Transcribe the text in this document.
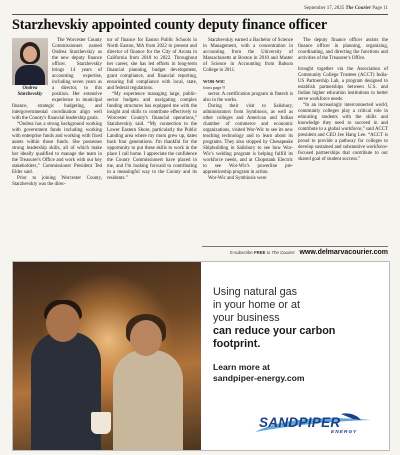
September 17, 2025 The Courier Page 11
Starzhevskiy appointed county deputy finance officer
Ondrea
Starzhevskiy

The Worcester County Commissioners named Ondrea Starzhevskiy as the new deputy finance officer. Starzhevskiy brings 14 years of accounting expertise, including seven years as a director, to this position. Her extensive experience in municipal finance, strategic budgeting, and intergovernmental coordination align well with the County's financial leadership goals.

“Ondrea has a strong background working with government funds including working with enterprise funds and working with fixed assets within those funds. She possesses strong leadership skills, all of which make her ideally qualified to manage the team in the Treasurer's Office and work with our key stakeholders,” Commissioner President Ted Elder said.

Prior to joining Worcester County, Starzhevskiy was the direc-

tor of finance for Easton Public Schools in North Easton, MA from 2022 to present and director of finance for the City of Arcata in California from 2018 to 2022. Throughout her career, she has led efforts in long-term financial planning, budget development, grant compliance, and financial reporting, ensuring full compliance with local, state, and federal regulations.

“My experience managing large, public-sector budgets and navigating complex funding structures has equipped me with the insight and skills to contribute effectively to Worcester County's financial operations,” Starzhevskiy said. “My connection to the Lower Eastern Shore, particularly the Public Landing area where my mom grew up, dates back four generations. I'm thankful for the opportunity to put these skills to work in the place I call home. I appreciate the confidence the County Commissioners have placed in me, and I'm looking forward to contributing in a meaningful way to the County and its residents.”

Starzhevskiy earned a Bachelor of Science in Management, with a concentration in accounting from the University of Massachusetts at Boston in 2010 and Master of Science in Accounting from Babson College in 2011.

WOR-WIC
from page 9

sector. A certification program in fintech is also in the works.

During their visit to Salisbury, administrators from Symbiosis, as well as other colleges and American and Indian chamber of commerce and economic organizations, visited Wor-Wic to see its new teaching technology and to learn about its programs. They also stopped by Chesapeake Shipbuilding in Salisbury to see how Wor-Wic's welding program is helping fulfill its workforce needs, and at Chopstank Electric to see Wor-Wic's powerline pre-apprenticeship program in action.

Wor-Wic and Symbiosis were

The deputy finance officer assists the finance officer in planning, organizing, coordinating, and directing the functions and activities of the Treasurer's Office.

brought together via the Association of Community College Trustees (ACCT) India-US Partnership Lab, a program designed to establish partnerships between U.S. and Indian higher education institutions to better serve workforce needs.

“In an increasingly interconnected world, community colleges play a critical role in educating students with the skills and knowledge they need to succeed in and contribute to a global workforce,” said ACCT president and CEO Jee Hang Lee. “ACCT is proud to provide a pathway for colleges to develop sustained and substantive workforce-focused partnerships that contribute to our shared goal of student success.”

E-subscribe FREE to The Courier: www.delmarvacourier.com
Using natural gas
in your home or at
your business
can reduce your carbon footprint.
Learn more at
sandpiper-energy.com
SANDPIPER
ENERGY
